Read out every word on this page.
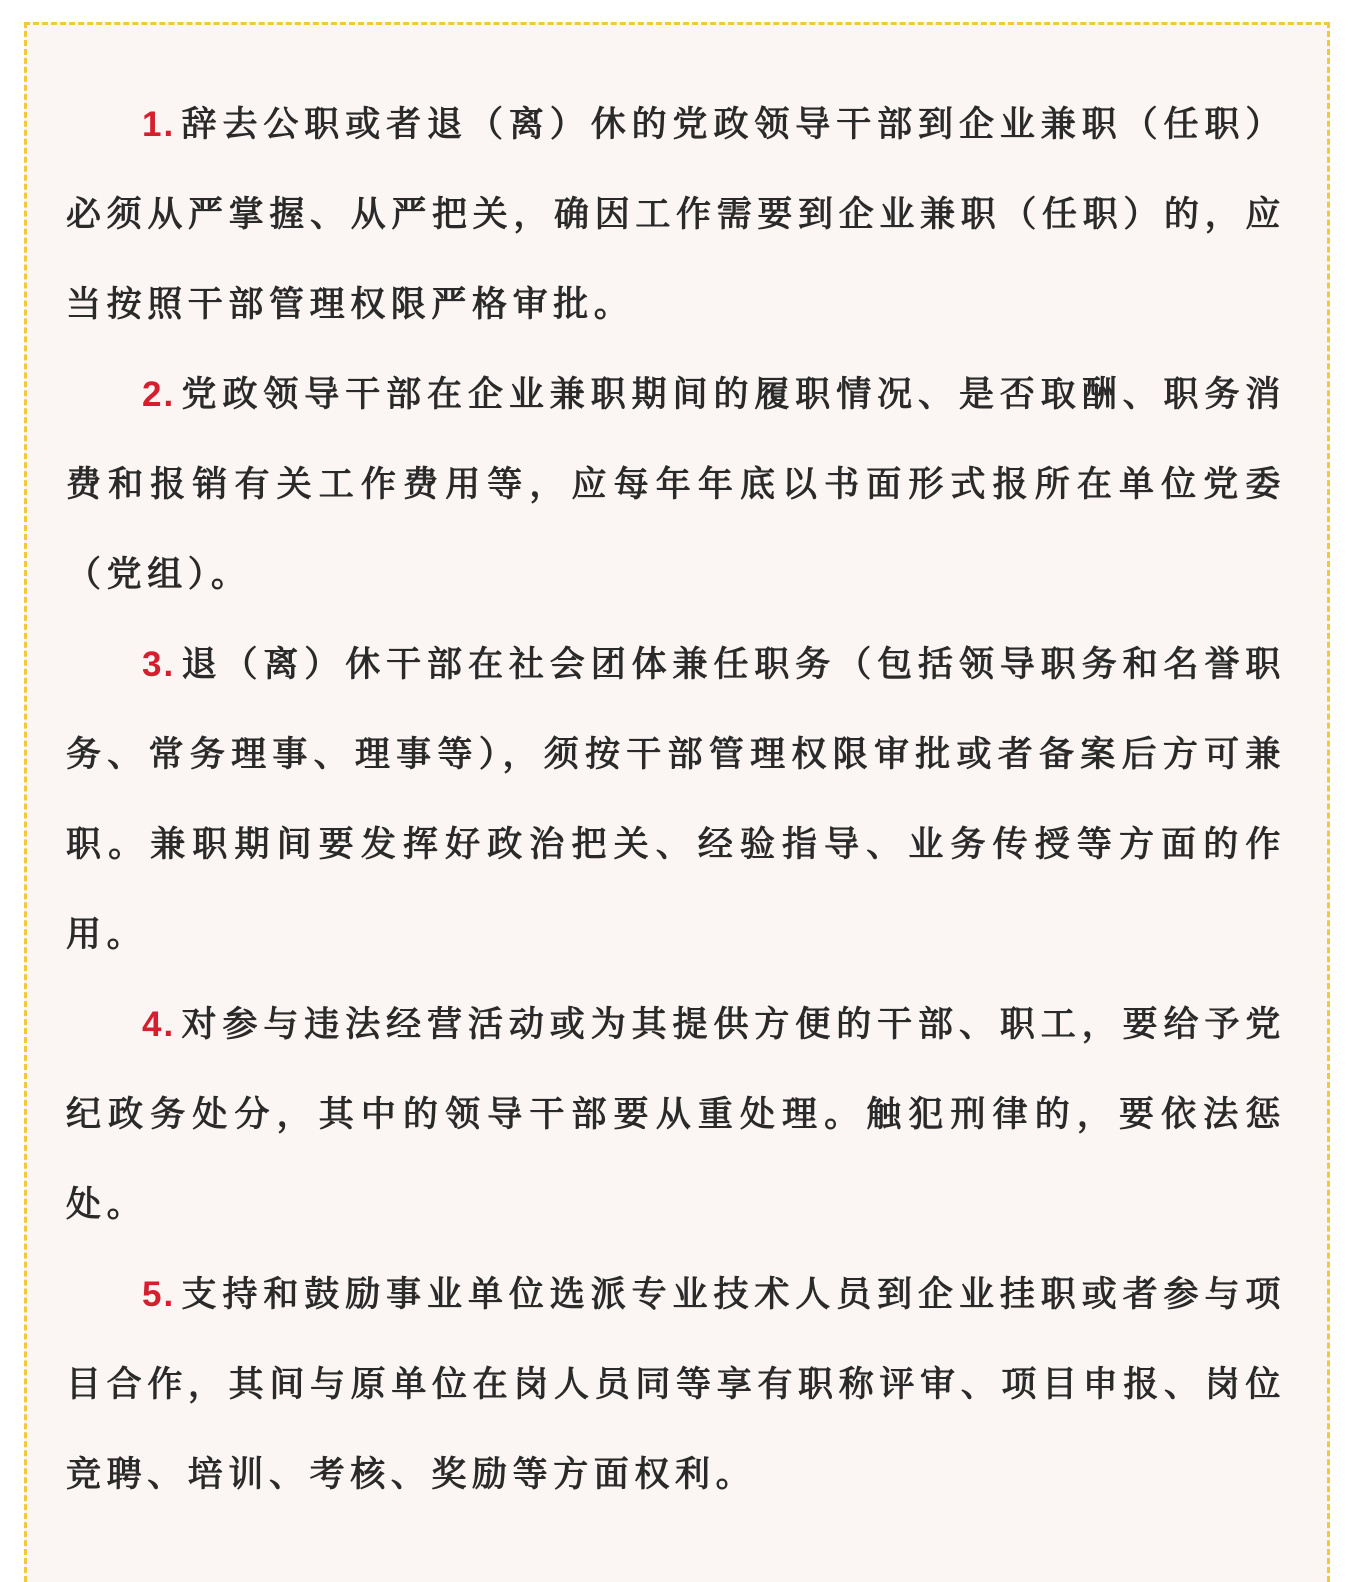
1. 辞去公职或者退（离）休的党政领导干部到企业兼职（任职）必须从严掌握、从严把关，确因工作需要到企业兼职（任职）的，应当按照干部管理权限严格审批。

2. 党政领导干部在企业兼职期间的履职情况、是否取酬、职务消费和报销有关工作费用等，应每年年底以书面形式报所在单位党委（党组）。

3. 退（离）休干部在社会团体兼任职务（包括领导职务和名誉职务、常务理事、理事等），须按干部管理权限审批或者备案后方可兼职。兼职期间要发挥好政治把关、经验指导、业务传授等方面的作用。

4. 对参与违法经营活动或为其提供方便的干部、职工，要给予党纪政务处分，其中的领导干部要从重处理。触犯刑律的，要依法惩处。

5. 支持和鼓励事业单位选派专业技术人员到企业挂职或者参与项目合作，其间与原单位在岗人员同等享有职称评审、项目申报、岗位竞聘、培训、考核、奖励等方面权利。
